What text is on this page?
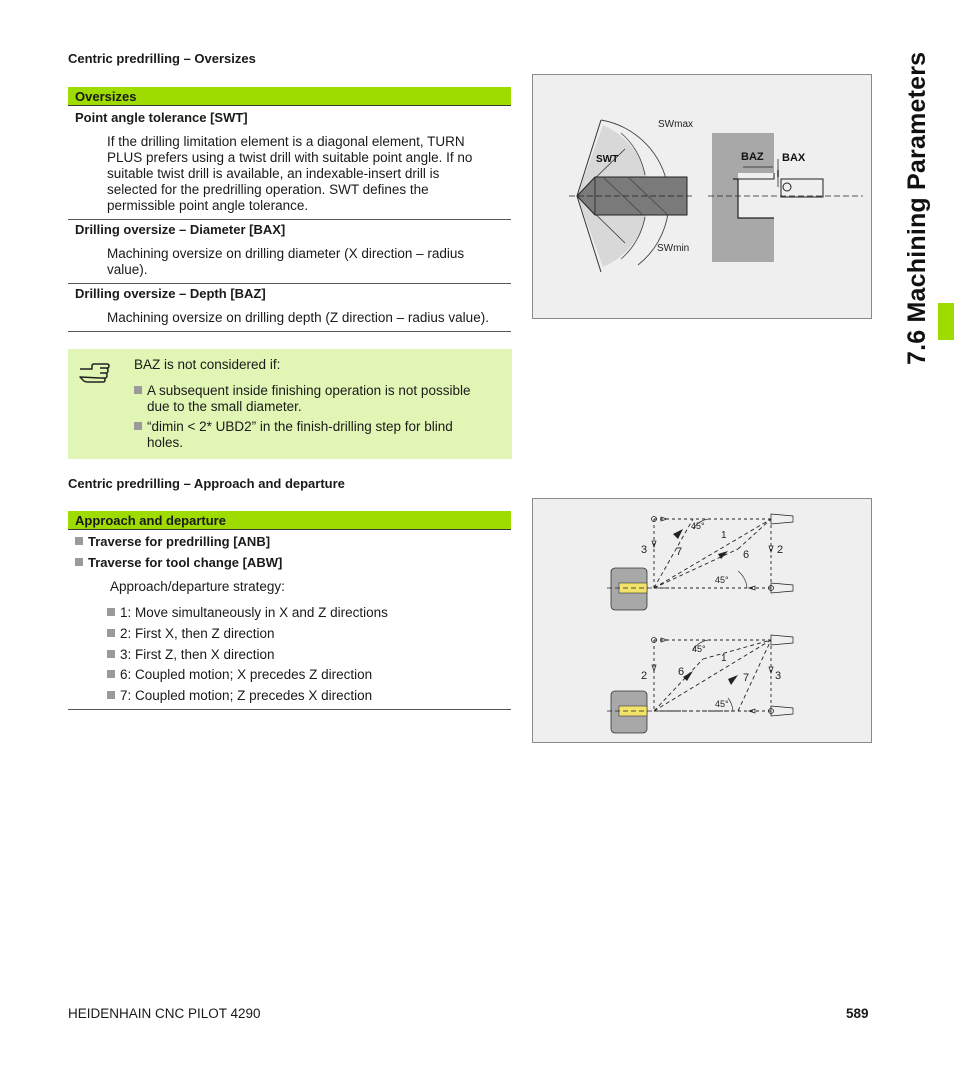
7.6 Machining Parameters
Centric predrilling – Oversizes
Oversizes
Point angle tolerance [SWT]
If the drilling limitation element is a diagonal element, TURN
PLUS prefers using a twist drill with suitable point angle. If no
suitable twist drill is available, an indexable-insert drill is
selected for the predrilling operation. SWT defines the
permissible point angle tolerance.
Drilling oversize – Diameter [BAX]
Machining oversize on drilling diameter (X direction – radius
value).
Drilling oversize – Depth [BAZ]
Machining oversize on drilling depth (Z direction – radius value).
BAZ is not considered if:
A subsequent inside finishing operation is not possible
due to the small diameter.
“dimin < 2* UBD2” in the finish-drilling step for blind
holes.
Centric predrilling – Approach and departure
Approach and departure
Traverse for predrilling [ANB]
Traverse for tool change [ABW]
Approach/departure strategy:
1: Move simultaneously in X and Z directions
2: First X, then Z direction
3: First Z, then X direction
6: Coupled motion; X precedes Z direction
7: Coupled motion; Z precedes X direction
BAZ BAX
SWmax
SWmin
SWT
45°
45°
1
2
3	6
7
45°
45°
1
2	3
6	7
HEIDENHAIN CNC PILOT 4290	589
